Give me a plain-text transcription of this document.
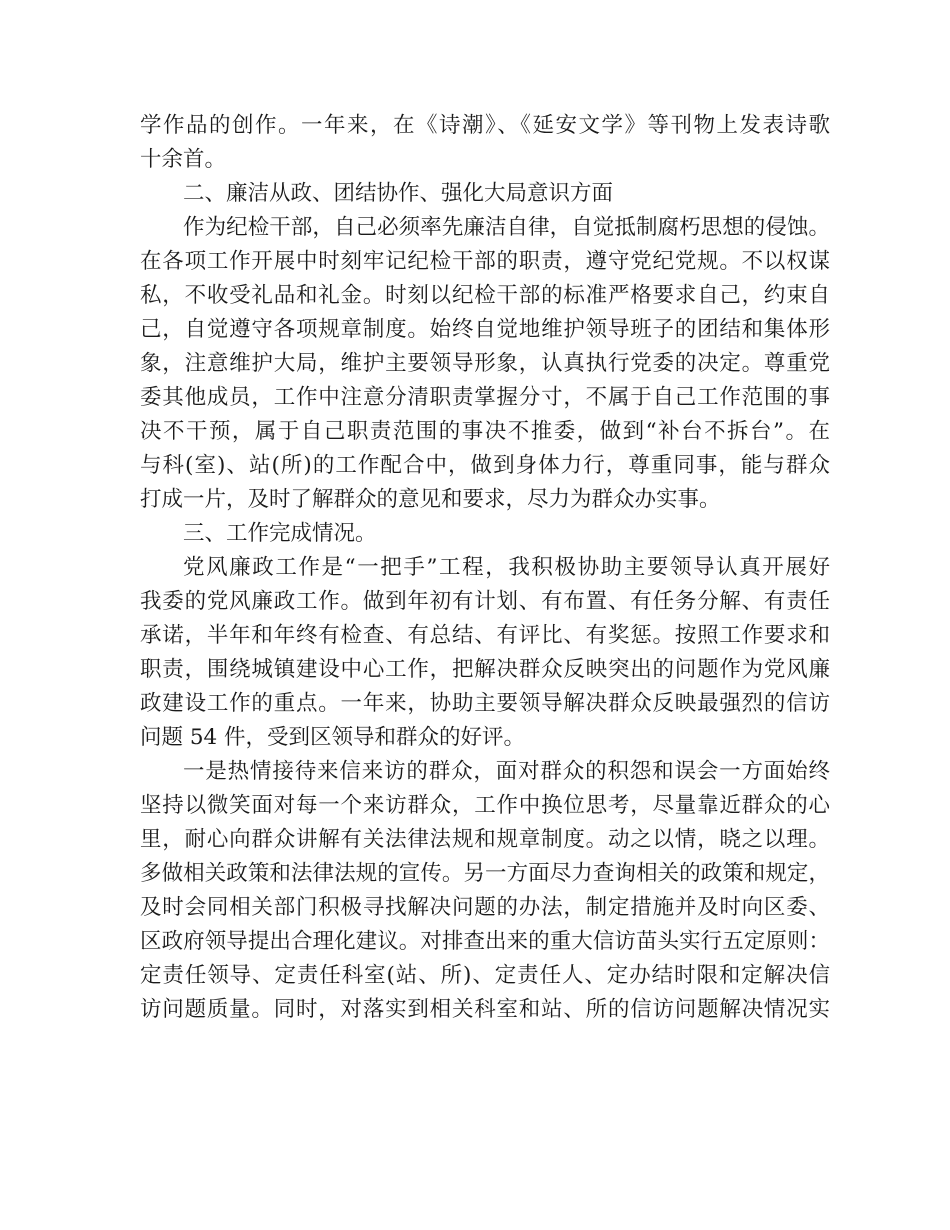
学作品的创作。一年来，在《诗潮》、《延安文学》等刊物上发表诗歌
十余首。
二、廉洁从政、团结协作、强化大局意识方面
作为纪检干部，自己必须率先廉洁自律，自觉抵制腐朽思想的侵蚀。
在各项工作开展中时刻牢记纪检干部的职责，遵守党纪党规。不以权谋
私，不收受礼品和礼金。时刻以纪检干部的标准严格要求自己，约束自
己，自觉遵守各项规章制度。始终自觉地维护领导班子的团结和集体形
象，注意维护大局，维护主要领导形象，认真执行党委的决定。尊重党
委其他成员，工作中注意分清职责掌握分寸，不属于自己工作范围的事
决不干预，属于自己职责范围的事决不推委，做到“补台不拆台”。在
与科(室)、站(所)的工作配合中，做到身体力行，尊重同事，能与群众
打成一片，及时了解群众的意见和要求，尽力为群众办实事。
三、工作完成情况。
党风廉政工作是“一把手”工程，我积极协助主要领导认真开展好
我委的党风廉政工作。做到年初有计划、有布置、有任务分解、有责任
承诺，半年和年终有检查、有总结、有评比、有奖惩。按照工作要求和
职责，围绕城镇建设中心工作，把解决群众反映突出的问题作为党风廉
政建设工作的重点。一年来，协助主要领导解决群众反映最强烈的信访
问题 54 件，受到区领导和群众的好评。
一是热情接待来信来访的群众，面对群众的积怨和误会一方面始终
坚持以微笑面对每一个来访群众，工作中换位思考，尽量靠近群众的心
里，耐心向群众讲解有关法律法规和规章制度。动之以情，晓之以理。
多做相关政策和法律法规的宣传。另一方面尽力查询相关的政策和规定，
及时会同相关部门积极寻找解决问题的办法，制定措施并及时向区委、
区政府领导提出合理化建议。对排查出来的重大信访苗头实行五定原则：
定责任领导、定责任科室(站、所)、定责任人、定办结时限和定解决信
访问题质量。同时，对落实到相关科室和站、所的信访问题解决情况实
